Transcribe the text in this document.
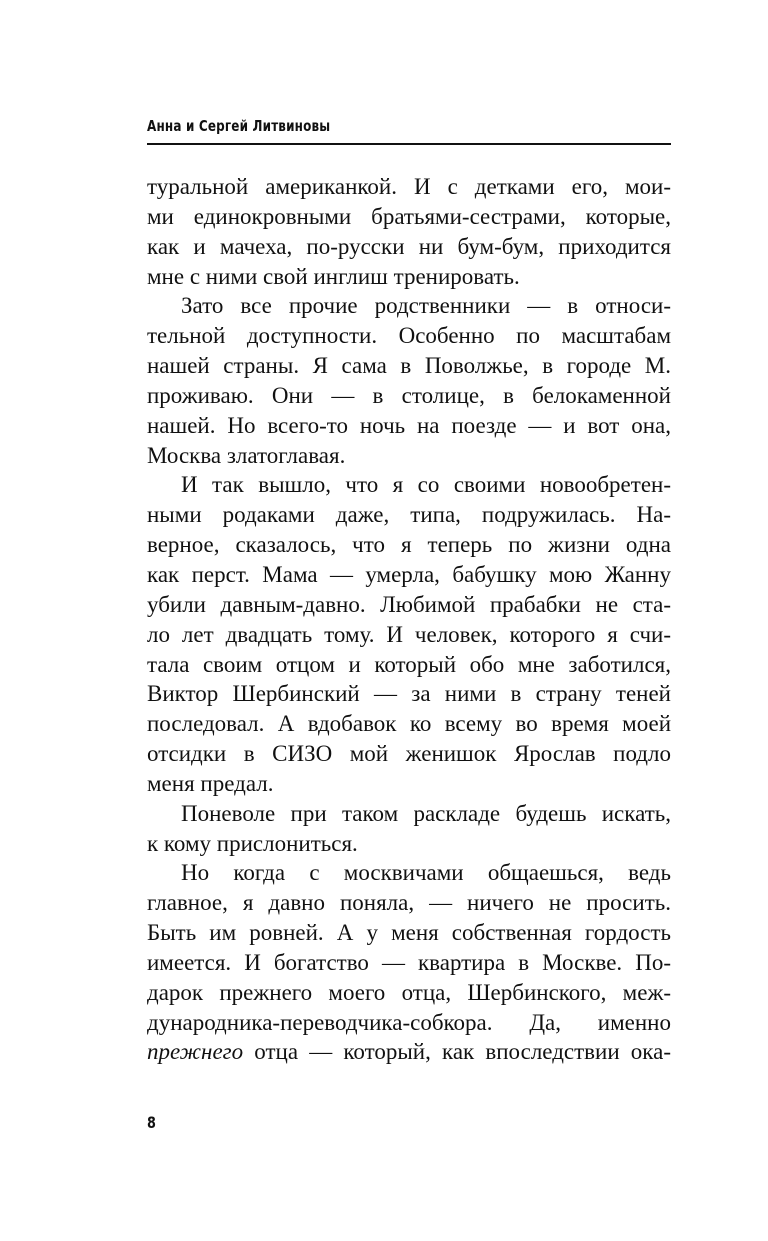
Анна и Сергей Литвиновы
туральной американкой. И с детками его, мои-
ми единокровными братьями-сестрами, которые,
как и мачеха, по-русски ни бум-бум, приходится
мне с ними свой инглиш тренировать.
Зато все прочие родственники — в относи-
тельной доступности. Особенно по масштабам
нашей страны. Я сама в Поволжье, в городе М.
проживаю. Они — в столице, в белокаменной
нашей. Но всего-то ночь на поезде — и вот она,
Москва златоглавая.
И так вышло, что я со своими новообретен-
ными родаками даже, типа, подружилась. На-
верное, сказалось, что я теперь по жизни одна
как перст. Мама — умерла, бабушку мою Жанну
убили давным-давно. Любимой прабабки не ста-
ло лет двадцать тому. И человек, которого я счи-
тала своим отцом и который обо мне заботился,
Виктор Шербинский — за ними в страну теней
последовал. А вдобавок ко всему во время моей
отсидки в СИЗО мой женишок Ярослав подло
меня предал.
Поневоле при таком раскладе будешь искать,
к кому прислониться.
Но когда с москвичами общаешься, ведь
главное, я давно поняла, — ничего не просить.
Быть им ровней. А у меня собственная гордость
имеется. И богатство — квартира в Москве. По-
дарок прежнего моего отца, Шербинского, меж-
дународника-переводчика-собкора. Да, именно
прежнего отца — который, как впоследствии ока-
8
